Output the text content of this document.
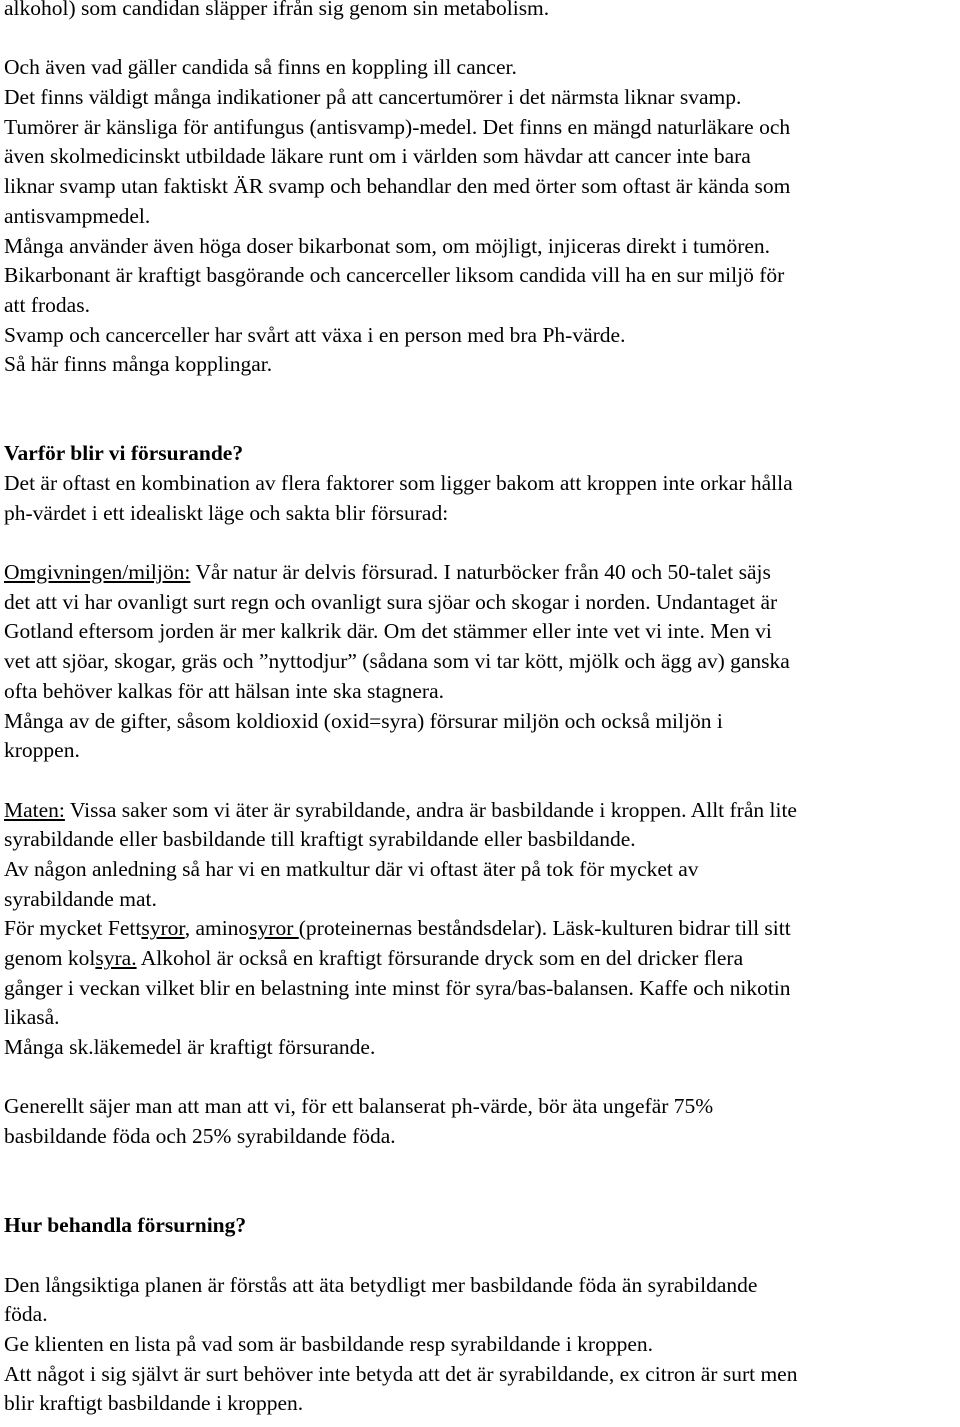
alkohol) som candidan släpper ifrån sig genom sin metabolism.
Och även vad gäller candida så finns en koppling ill cancer.
Det finns väldigt många indikationer på att cancertumörer i det närmsta liknar svamp.
Tumörer är känsliga för antifungus (antisvamp)-medel. Det finns en mängd naturläkare och
även skolmedicinskt utbildade läkare runt om i världen som hävdar att cancer inte bara
liknar svamp utan faktiskt ÄR svamp och behandlar den med örter som oftast är kända som
antisvampmedel.
Många använder även höga doser bikarbonat som, om möjligt, injiceras direkt i tumören.
Bikarbonant är kraftigt basgörande och cancerceller liksom candida vill ha en sur miljö för
att frodas.
Svamp och cancerceller har svårt att växa i en person med bra Ph-värde.
Så här finns många kopplingar.
Varför blir vi försurande?
Det är oftast en kombination av flera faktorer som ligger bakom att kroppen inte orkar hålla
ph-värdet i ett idealiskt läge och sakta blir försurad:
Omgivningen/miljön: Vår natur är delvis försurad. I naturböcker från 40 och 50-talet säjs
det att vi har ovanligt surt regn och ovanligt sura sjöar och skogar i norden. Undantaget är
Gotland eftersom jorden är mer kalkrik där. Om det stämmer eller inte vet vi inte. Men vi
vet att sjöar, skogar, gräs och ”nyttodjur” (sådana som vi tar kött, mjölk och ägg av) ganska
ofta behöver kalkas för att hälsan inte ska stagnera.
Många av de gifter, såsom koldioxid (oxid=syra) försurar miljön och också miljön i
kroppen.
Maten: Vissa saker som vi äter är syrabildande, andra är basbildande i kroppen. Allt från lite
syrabildande eller basbildande till kraftigt syrabildande eller basbildande.
Av någon anledning så har vi en matkultur där vi oftast äter på tok för mycket av
syrabildande mat.
För mycket Fettsyror, aminosyror (proteinernas beståndsdelar). Läsk-kulturen bidrar till sitt
genom kolsyra. Alkohol är också en kraftigt försurande dryck som en del dricker flera
gånger i veckan vilket blir en belastning inte minst för syra/bas-balansen. Kaffe och nikotin
likaså.
Många sk.läkemedel är kraftigt försurande.
Generellt säjer man att man att vi, för ett balanserat ph-värde, bör äta ungefär 75%
basbildande föda och 25% syrabildande föda.
Hur behandla försurning?
Den långsiktiga planen är förstås att äta betydligt mer basbildande föda än syrabildande
föda.
Ge klienten en lista på vad som är basbildande resp syrabildande i kroppen.
Att något i sig självt är surt behöver inte betyda att det är syrabildande, ex citron är surt men
blir kraftigt basbildande i kroppen.
